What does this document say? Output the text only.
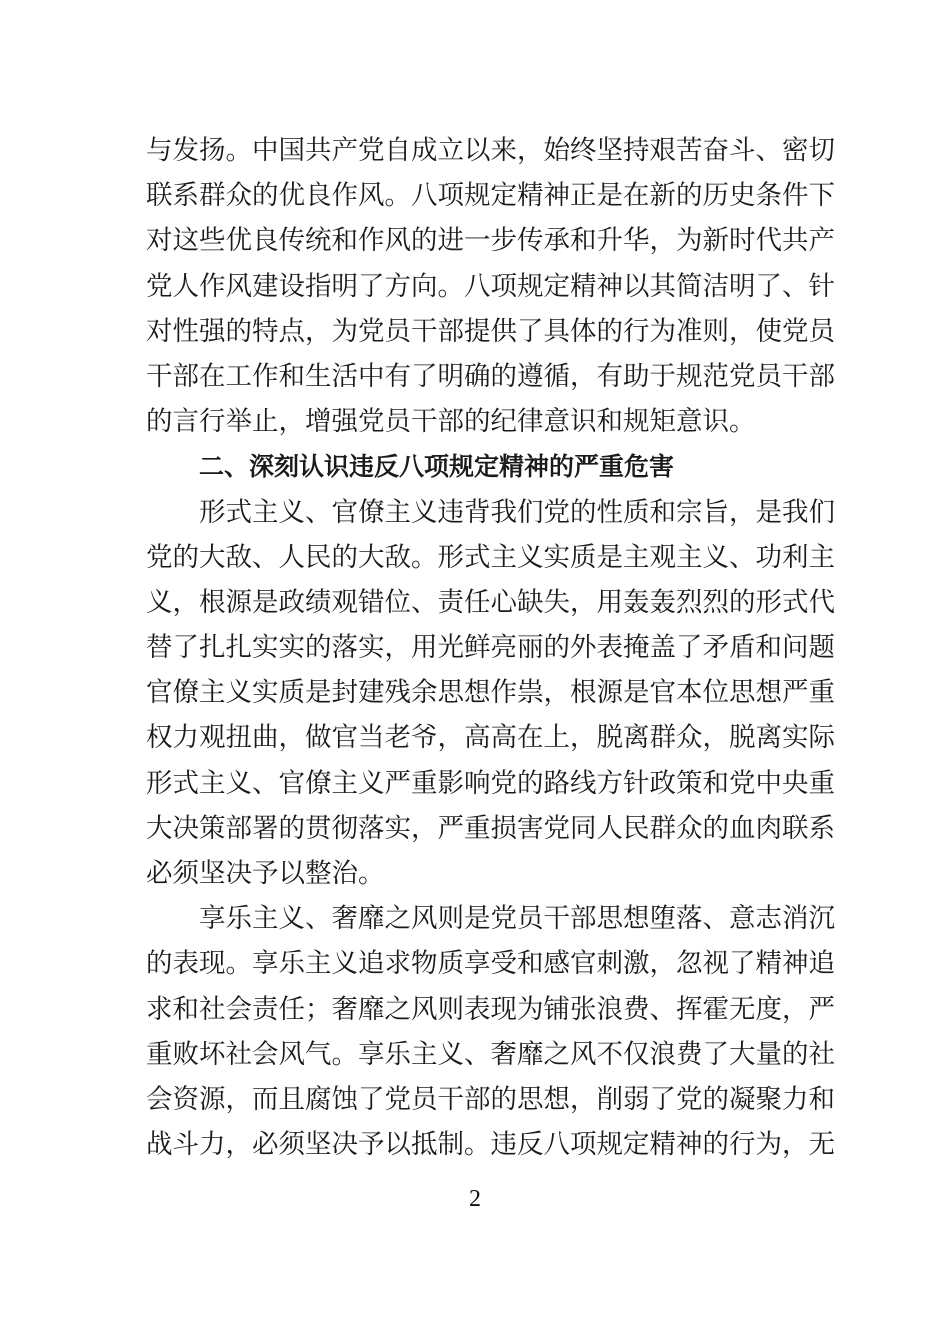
与发扬。中国共产党自成立以来，始终坚持艰苦奋斗、密切
联系群众的优良作风。八项规定精神正是在新的历史条件下
对这些优良传统和作风的进一步传承和升华，为新时代共产
党人作风建设指明了方向。八项规定精神以其简洁明了、针
对性强的特点，为党员干部提供了具体的行为准则，使党员
干部在工作和生活中有了明确的遵循，有助于规范党员干部
的言行举止，增强党员干部的纪律意识和规矩意识。
二、深刻认识违反八项规定精神的严重危害
形式主义、官僚主义违背我们党的性质和宗旨，是我们
党的大敌、人民的大敌。形式主义实质是主观主义、功利主
义，根源是政绩观错位、责任心缺失，用轰轰烈烈的形式代
替了扎扎实实的落实，用光鲜亮丽的外表掩盖了矛盾和问题
官僚主义实质是封建残余思想作祟，根源是官本位思想严重
权力观扭曲，做官当老爷，高高在上，脱离群众，脱离实际
形式主义、官僚主义严重影响党的路线方针政策和党中央重
大决策部署的贯彻落实，严重损害党同人民群众的血肉联系
必须坚决予以整治。
享乐主义、奢靡之风则是党员干部思想堕落、意志消沉
的表现。享乐主义追求物质享受和感官刺激，忽视了精神追
求和社会责任；奢靡之风则表现为铺张浪费、挥霍无度，严
重败坏社会风气。享乐主义、奢靡之风不仅浪费了大量的社
会资源，而且腐蚀了党员干部的思想，削弱了党的凝聚力和
战斗力，必须坚决予以抵制。违反八项规定精神的行为，无
2
